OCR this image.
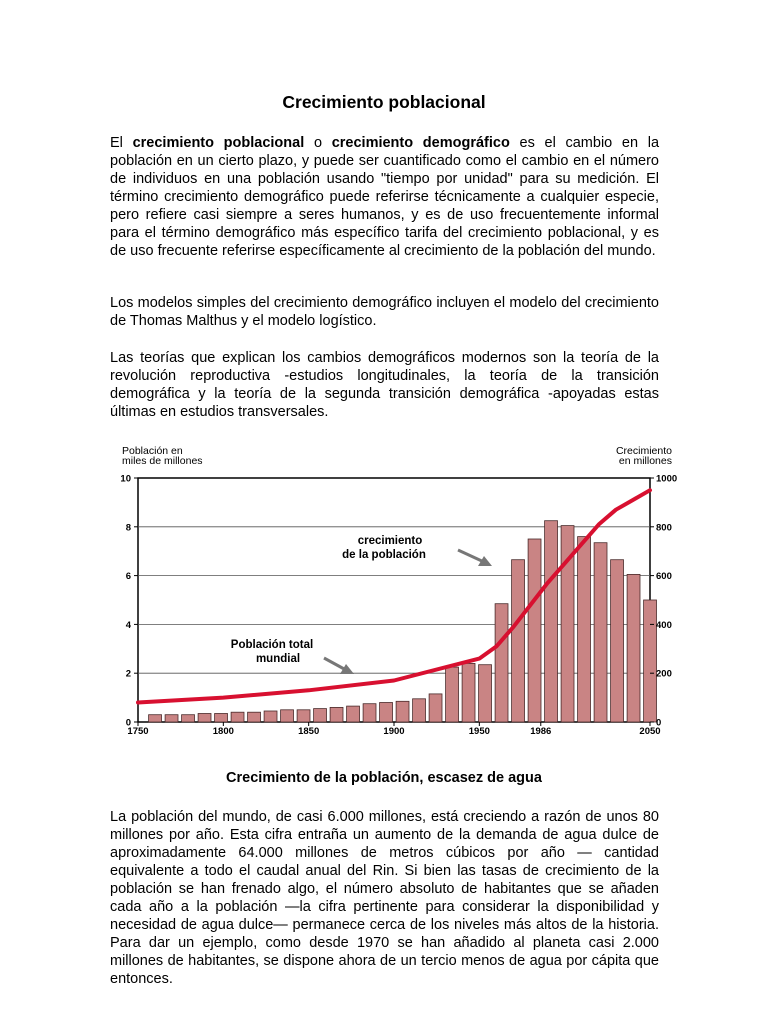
Crecimiento poblacional

El crecimiento poblacional o crecimiento demográfico es el cambio en la población en un cierto plazo, y puede ser cuantificado como el cambio en el número de individuos en una población usando "tiempo por unidad" para su medición. El término crecimiento demográfico puede referirse técnicamente a cualquier especie, pero refiere casi siempre a seres humanos, y es de uso frecuentemente informal para el término demográfico más específico tarifa del crecimiento poblacional, y es de uso frecuente referirse específicamente al crecimiento de la población del mundo.

Los modelos simples del crecimiento demográfico incluyen el modelo del crecimiento de Thomas Malthus y el modelo logístico.

Las teorías que explican los cambios demográficos modernos son la teoría de la revolución reproductiva -estudios longitudinales, la teoría de la transición demográfica y la teoría de la segunda transición demográfica -apoyadas estas últimas en estudios transversales.

10
8
6
4
2
0
1000
800
600
400
200
0
1750	1800	1850	1900	1950	1986	2050
Población en
miles de millones
Crecimiento
en millones
crecimiento
de la población
Población total
mundial

Crecimiento de la población, escasez de agua

La población del mundo, de casi 6.000 millones, está creciendo a razón de unos 80 millones por año. Esta cifra entraña un aumento de la demanda de agua dulce de aproximadamente 64.000 millones de metros cúbicos por año — cantidad equivalente a todo el caudal anual del Rin. Si bien las tasas de crecimiento de la población se han frenado algo, el número absoluto de habitantes que se añaden cada año a la población —la cifra pertinente para considerar la disponibilidad y necesidad de agua dulce— permanece cerca de los niveles más altos de la historia. Para dar un ejemplo, como desde 1970 se han añadido al planeta casi 2.000 millones de habitantes, se dispone ahora de un tercio menos de agua por cápita que entonces.
